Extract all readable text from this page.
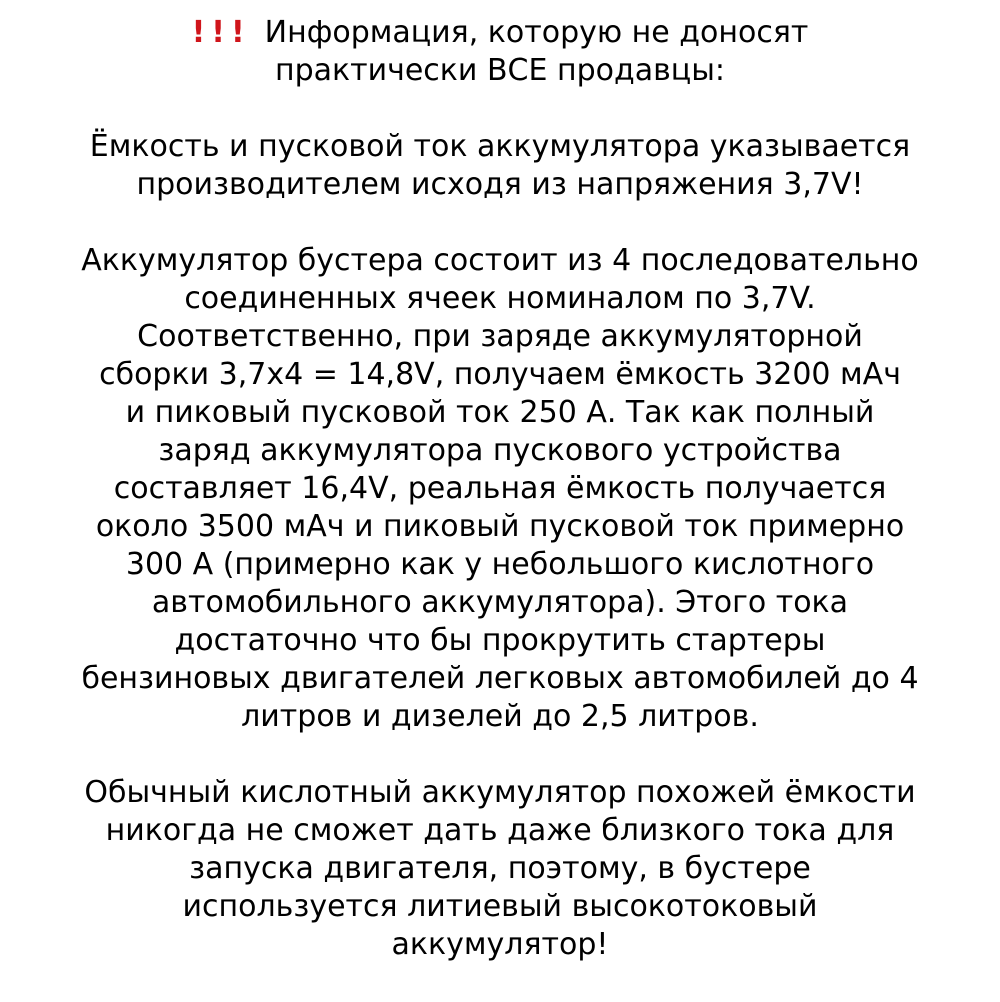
!!! Информация, которую не доносят
практически ВСЕ продавцы:
Ёмкость и пусковой ток аккумулятора указывается
производителем исходя из напряжения 3,7V!
Аккумулятор бустера состоит из 4 последовательно
соединенных ячеек номиналом по 3,7V.
Соответственно, при заряде аккумуляторной
сборки 3,7х4 = 14,8V, получаем ёмкость 3200 мАч
и пиковый пусковой ток 250 А. Так как полный
заряд аккумулятора пускового устройства
составляет 16,4V, реальная ёмкость получается
около 3500 мАч и пиковый пусковой ток примерно
300 А (примерно как у небольшого кислотного
автомобильного аккумулятора). Этого тока
достаточно что бы прокрутить стартеры
бензиновых двигателей легковых автомобилей до 4
литров и дизелей до 2,5 литров.
Обычный кислотный аккумулятор похожей ёмкости
никогда не сможет дать даже близкого тока для
запуска двигателя, поэтому, в бустере
используется литиевый высокотоковый
аккумулятор!
